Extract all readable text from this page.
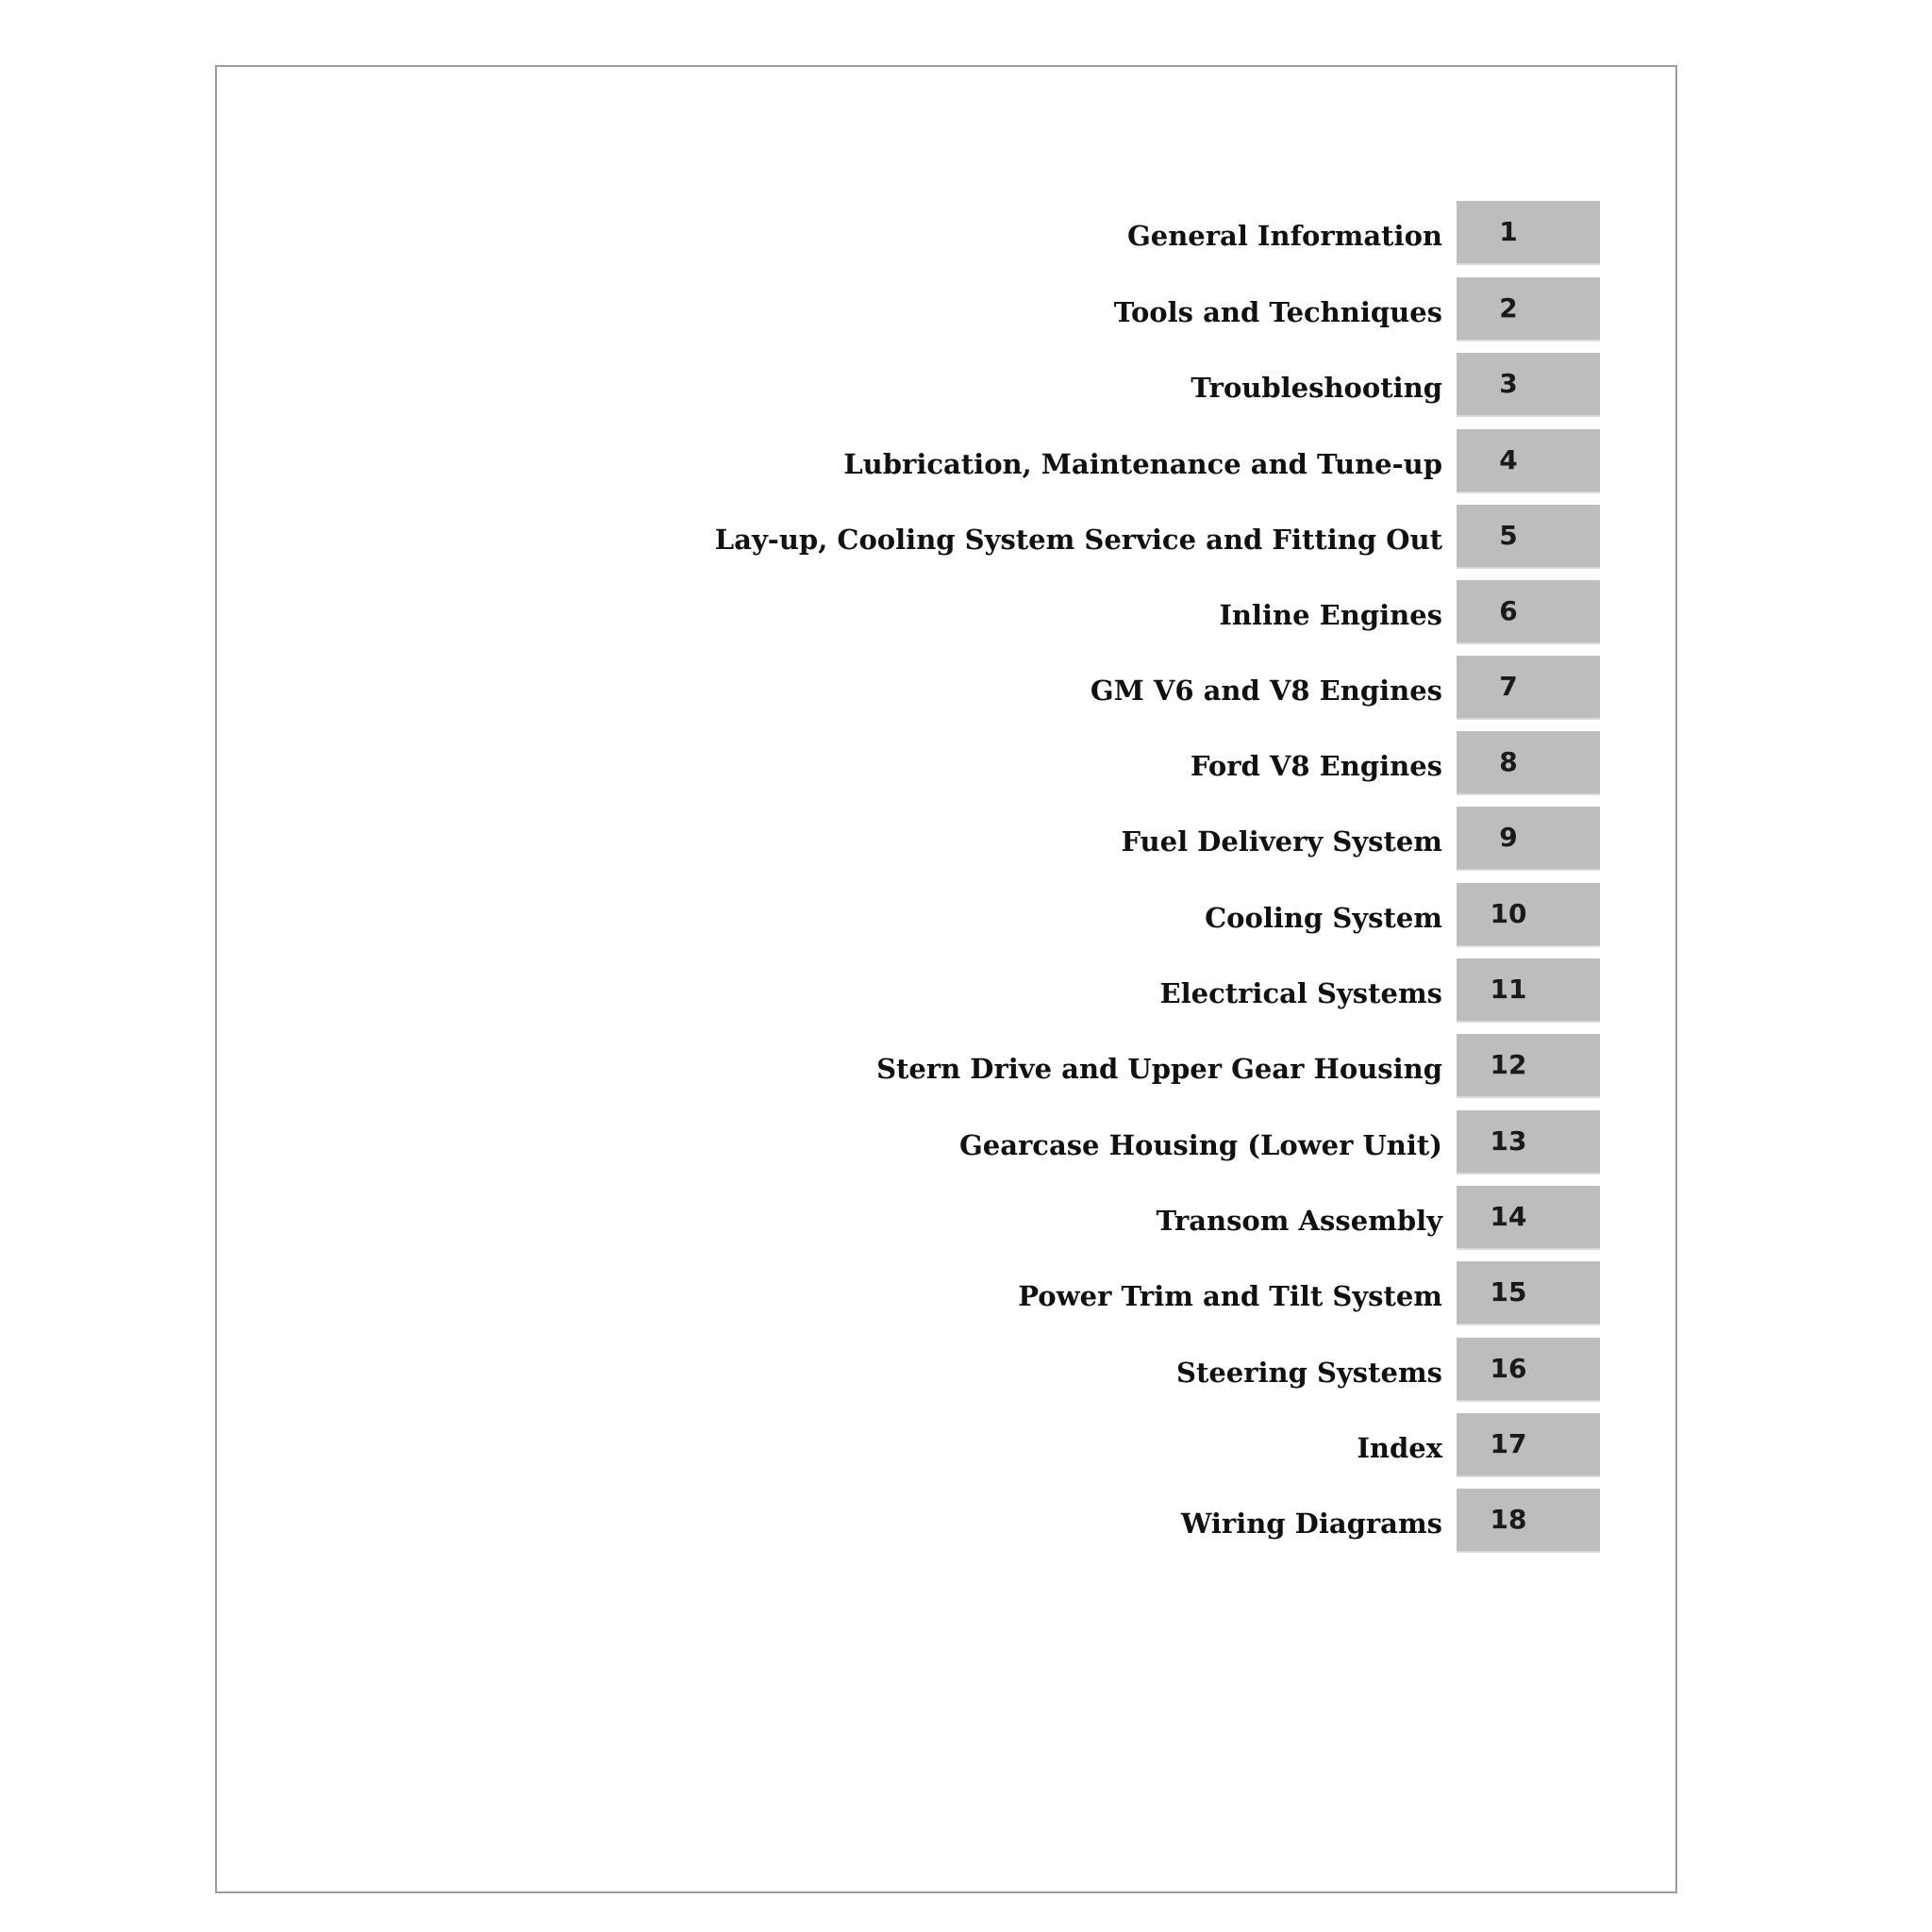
General Information	1
Tools and Techniques	2
Troubleshooting	3
Lubrication, Maintenance and Tune-up	4
Lay-up, Cooling System Service and Fitting Out	5
Inline Engines	6
GM V6 and V8 Engines	7
Ford V8 Engines	8
Fuel Delivery System	9
Cooling System	10
Electrical Systems	11
Stern Drive and Upper Gear Housing	12
Gearcase Housing (Lower Unit)	13
Transom Assembly	14
Power Trim and Tilt System	15
Steering Systems	16
Index	17
Wiring Diagrams	18
